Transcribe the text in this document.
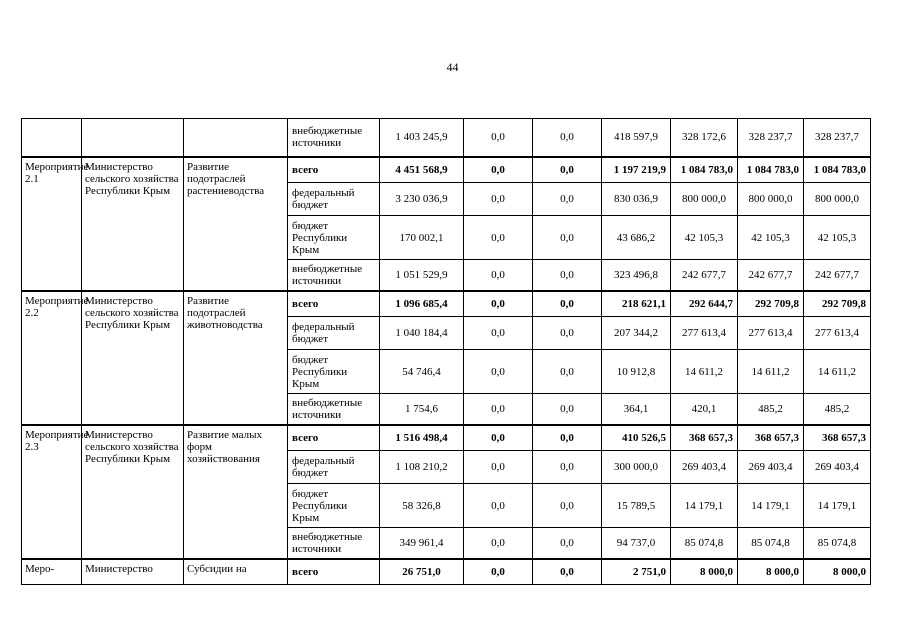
44
			внебюджетные источники	1 403 245,9	0,0	0,0	418 597,9	328 172,6	328 237,7	328 237,7
Мероприятие 2.1	Министерство сельского хозяйства Республики Крым	Развитие подотраслей растениеводства	всего	4 451 568,9	0,0	0,0	1 197 219,9	1 084 783,0	1 084 783,0	1 084 783,0
			федеральный бюджет	3 230 036,9	0,0	0,0	830 036,9	800 000,0	800 000,0	800 000,0
			бюджет Республики Крым	170 002,1	0,0	0,0	43 686,2	42 105,3	42 105,3	42 105,3
			внебюджетные источники	1 051 529,9	0,0	0,0	323 496,8	242 677,7	242 677,7	242 677,7
Мероприятие 2.2	Министерство сельского хозяйства Республики Крым	Развитие подотраслей животноводства	всего	1 096 685,4	0,0	0,0	218 621,1	292 644,7	292 709,8	292 709,8
			федеральный бюджет	1 040 184,4	0,0	0,0	207 344,2	277 613,4	277 613,4	277 613,4
			бюджет Республики Крым	54 746,4	0,0	0,0	10 912,8	14 611,2	14 611,2	14 611,2
			внебюджетные источники	1 754,6	0,0	0,0	364,1	420,1	485,2	485,2
Мероприятие 2.3	Министерство сельского хозяйства Республики Крым	Развитие малых форм хозяйствования	всего	1 516 498,4	0,0	0,0	410 526,5	368 657,3	368 657,3	368 657,3
			федеральный бюджет	1 108 210,2	0,0	0,0	300 000,0	269 403,4	269 403,4	269 403,4
			бюджет Республики Крым	58 326,8	0,0	0,0	15 789,5	14 179,1	14 179,1	14 179,1
			внебюджетные источники	349 961,4	0,0	0,0	94 737,0	85 074,8	85 074,8	85 074,8
Меро-	Министерство	Субсидии на	всего	26 751,0	0,0	0,0	2 751,0	8 000,0	8 000,0	8 000,0
